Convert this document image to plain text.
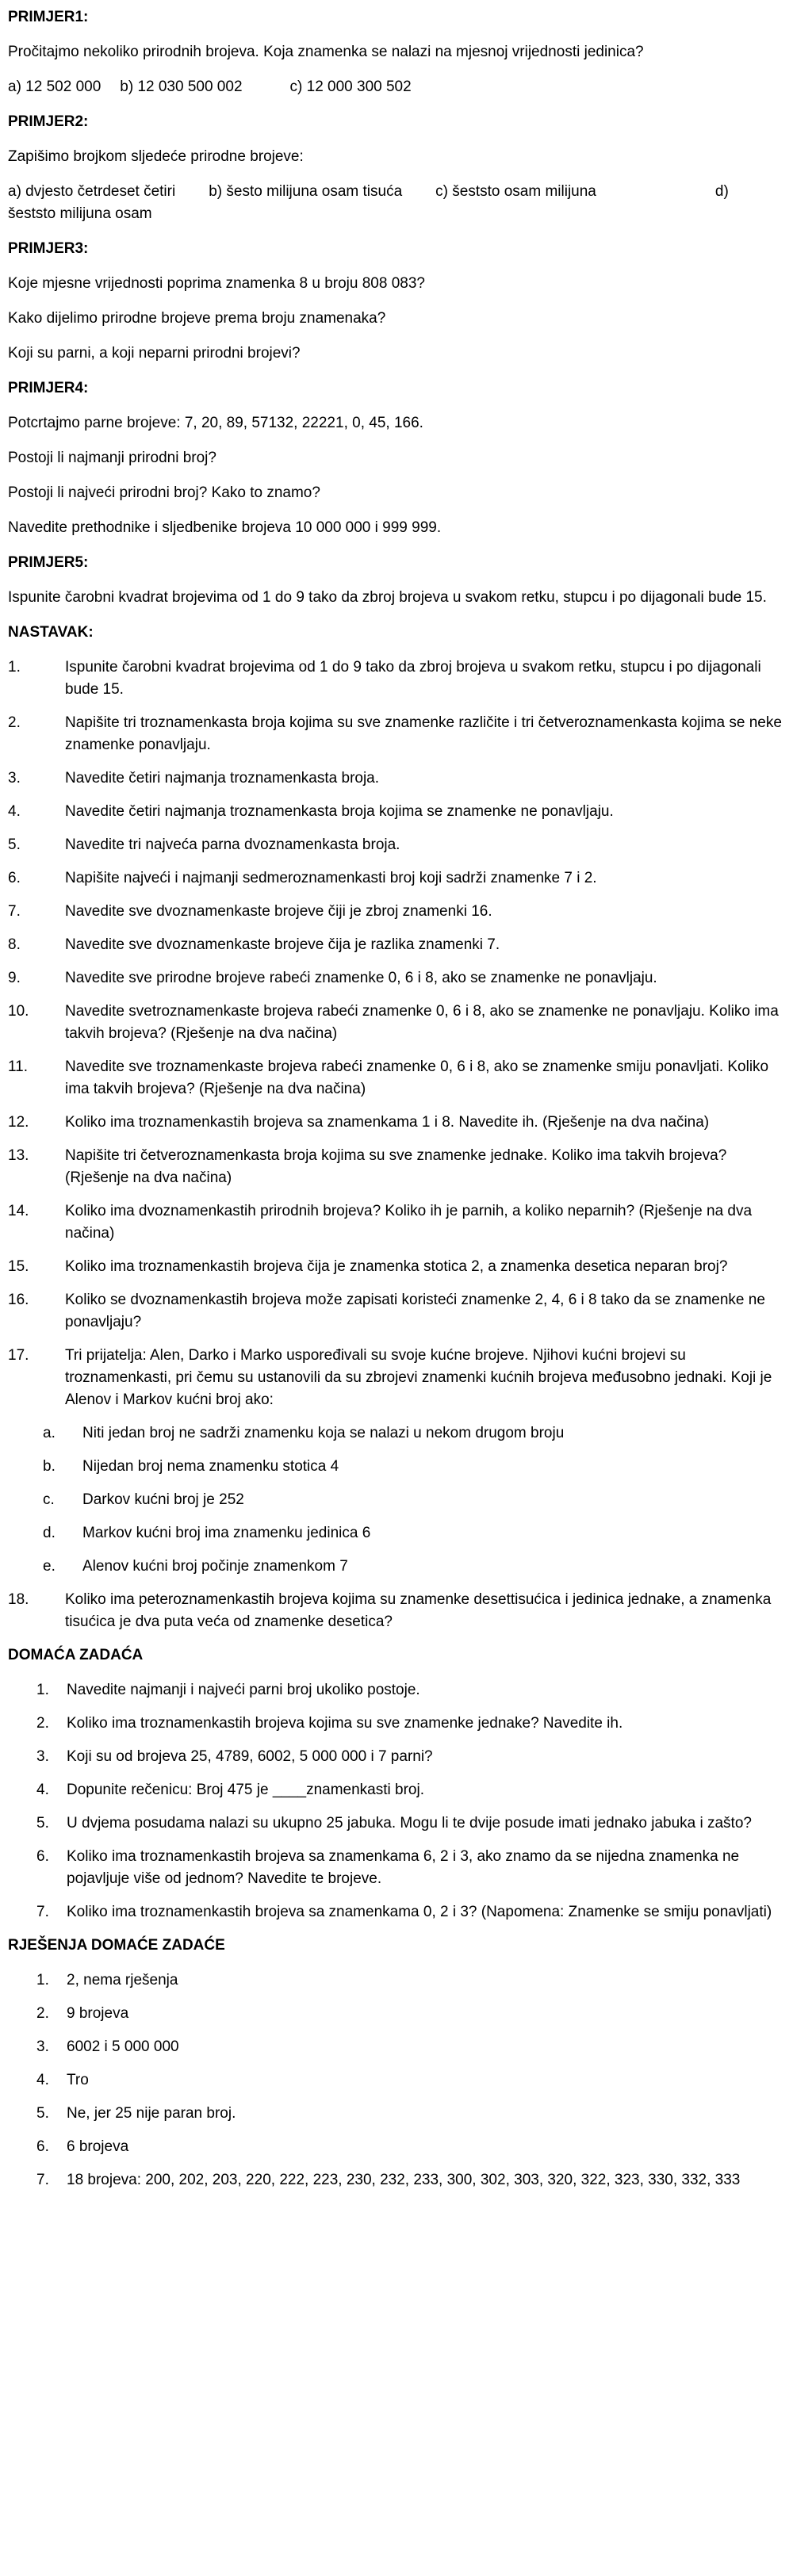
PRIMJER1:

Pročitajmo nekoliko prirodnih brojeva. Koja znamenka se nalazi na mjesnoj vrijednosti jedinica?

a) 12 502 000 b) 12 030 500 002	c) 12 000 300 502

PRIMJER2:

Zapišimo brojkom sljedeće prirodne brojeve:

a) dvjesto četrdeset četiri b) šesto milijuna osam tisuća c) šeststo osam milijuna	d)

šeststo milijuna osam

PRIMJER3:

Koje mjesne vrijednosti poprima znamenka 8 u broju 808 083?

Kako dijelimo prirodne brojeve prema broju znamenaka?

Koji su parni, a koji neparni prirodni brojevi?

PRIMJER4:

Potcrtajmo parne brojeve: 7, 20, 89, 57132, 22221, 0, 45, 166.

Postoji li najmanji prirodni broj?

Postoji li najveći prirodni broj? Kako to znamo?

Navedite prethodnike i sljedbenike brojeva 10 000 000 i 999 999.

PRIMJER5:

Ispunite čarobni kvadrat brojevima od 1 do 9 tako da zbroj brojeva u svakom retku, stupcu i po dijagonali bude 15.

NASTAVAK:

1.	Ispunite čarobni kvadrat brojevima od 1 do 9 tako da zbroj brojeva u svakom retku, stupcu i po dijagonali bude 15.
2.	Napišite tri troznamenkasta broja kojima su sve znamenke različite i tri četveroznamenkasta kojima se neke znamenke ponavljaju.
3.	Navedite četiri najmanja troznamenkasta broja.
4.	Navedite četiri najmanja troznamenkasta broja kojima se znamenke ne ponavljaju.
5.	Navedite tri najveća parna dvoznamenkasta broja.
6.	Napišite najveći i najmanji sedmeroznamenkasti broj koji sadrži znamenke 7 i 2.
7.	Navedite sve dvoznamenkaste brojeve čiji je zbroj znamenki 16.
8.	Navedite sve dvoznamenkaste brojeve čija je razlika znamenki 7.
9.	Navedite sve prirodne brojeve rabeći znamenke 0, 6 i 8, ako se znamenke ne ponavljaju.
10.	Navedite svetroznamenkaste brojeva rabeći znamenke 0, 6 i 8, ako se znamenke ne ponavljaju. Koliko ima takvih brojeva? (Rješenje na dva načina)
11.	Navedite sve troznamenkaste brojeva rabeći znamenke 0, 6 i 8, ako se znamenke smiju ponavljati. Koliko ima takvih brojeva? (Rješenje na dva načina)
12.	Koliko ima troznamenkastih brojeva sa znamenkama 1 i 8. Navedite ih. (Rješenje na dva načina)
13.	Napišite tri četveroznamenkasta broja kojima su sve znamenke jednake. Koliko ima takvih brojeva? (Rješenje na dva načina)
14.	Koliko ima dvoznamenkastih prirodnih brojeva? Koliko ih je parnih, a koliko neparnih? (Rješenje na dva načina)
15.	Koliko ima troznamenkastih brojeva čija je znamenka stotica 2, a znamenka desetica neparan broj?
16.	Koliko se dvoznamenkastih brojeva može zapisati koristeći znamenke 2, 4, 6 i 8 tako da se znamenke ne ponavljaju?
17.	Tri prijatelja: Alen, Darko i Marko uspoređivali su svoje kućne brojeve. Njihovi kućni brojevi su troznamenkasti, pri čemu su ustanovili da su zbrojevi znamenki kućnih brojeva međusobno jednaki. Koji je Alenov i Markov kućni broj ako:
a.	Niti jedan broj ne sadrži znamenku koja se nalazi u nekom drugom broju
b.	Nijedan broj nema znamenku stotica 4
c.	Darkov kućni broj je 252
d.	Markov kućni broj ima znamenku jedinica 6
e.	Alenov kućni broj počinje znamenkom 7
18.	Koliko ima peteroznamenkastih brojeva kojima su znamenke desettisućica i jedinica jednake, a znamenka tisućica je dva puta veća od znamenke desetica?

DOMAĆA ZADAĆA

1.	Navedite najmanji i najveći parni broj ukoliko postoje.
2.	Koliko ima troznamenkastih brojeva kojima su sve znamenke jednake? Navedite ih.
3.	Koji su od brojeva 25, 4789, 6002, 5 000 000 i 7 parni?
4.	Dopunite rečenicu: Broj 475 je ____znamenkasti broj.
5.	U dvjema posudama nalazi su ukupno 25 jabuka. Mogu li te dvije posude imati jednako jabuka i zašto?
6.	Koliko ima troznamenkastih brojeva sa znamenkama 6, 2 i 3, ako znamo da se nijedna znamenka ne pojavljuje više od jednom? Navedite te brojeve.
7.	Koliko ima troznamenkastih brojeva sa znamenkama 0, 2 i 3? (Napomena: Znamenke se smiju ponavljati)

RJEŠENJA DOMAĆE ZADAĆE

1.	2, nema rješenja
2.	9 brojeva
3.	6002 i 5 000 000
4.	Tro
5.	Ne, jer 25 nije paran broj.
6.	6 brojeva
7.	18 brojeva: 200, 202, 203, 220, 222, 223, 230, 232, 233, 300, 302, 303, 320, 322, 323, 330, 332, 333
